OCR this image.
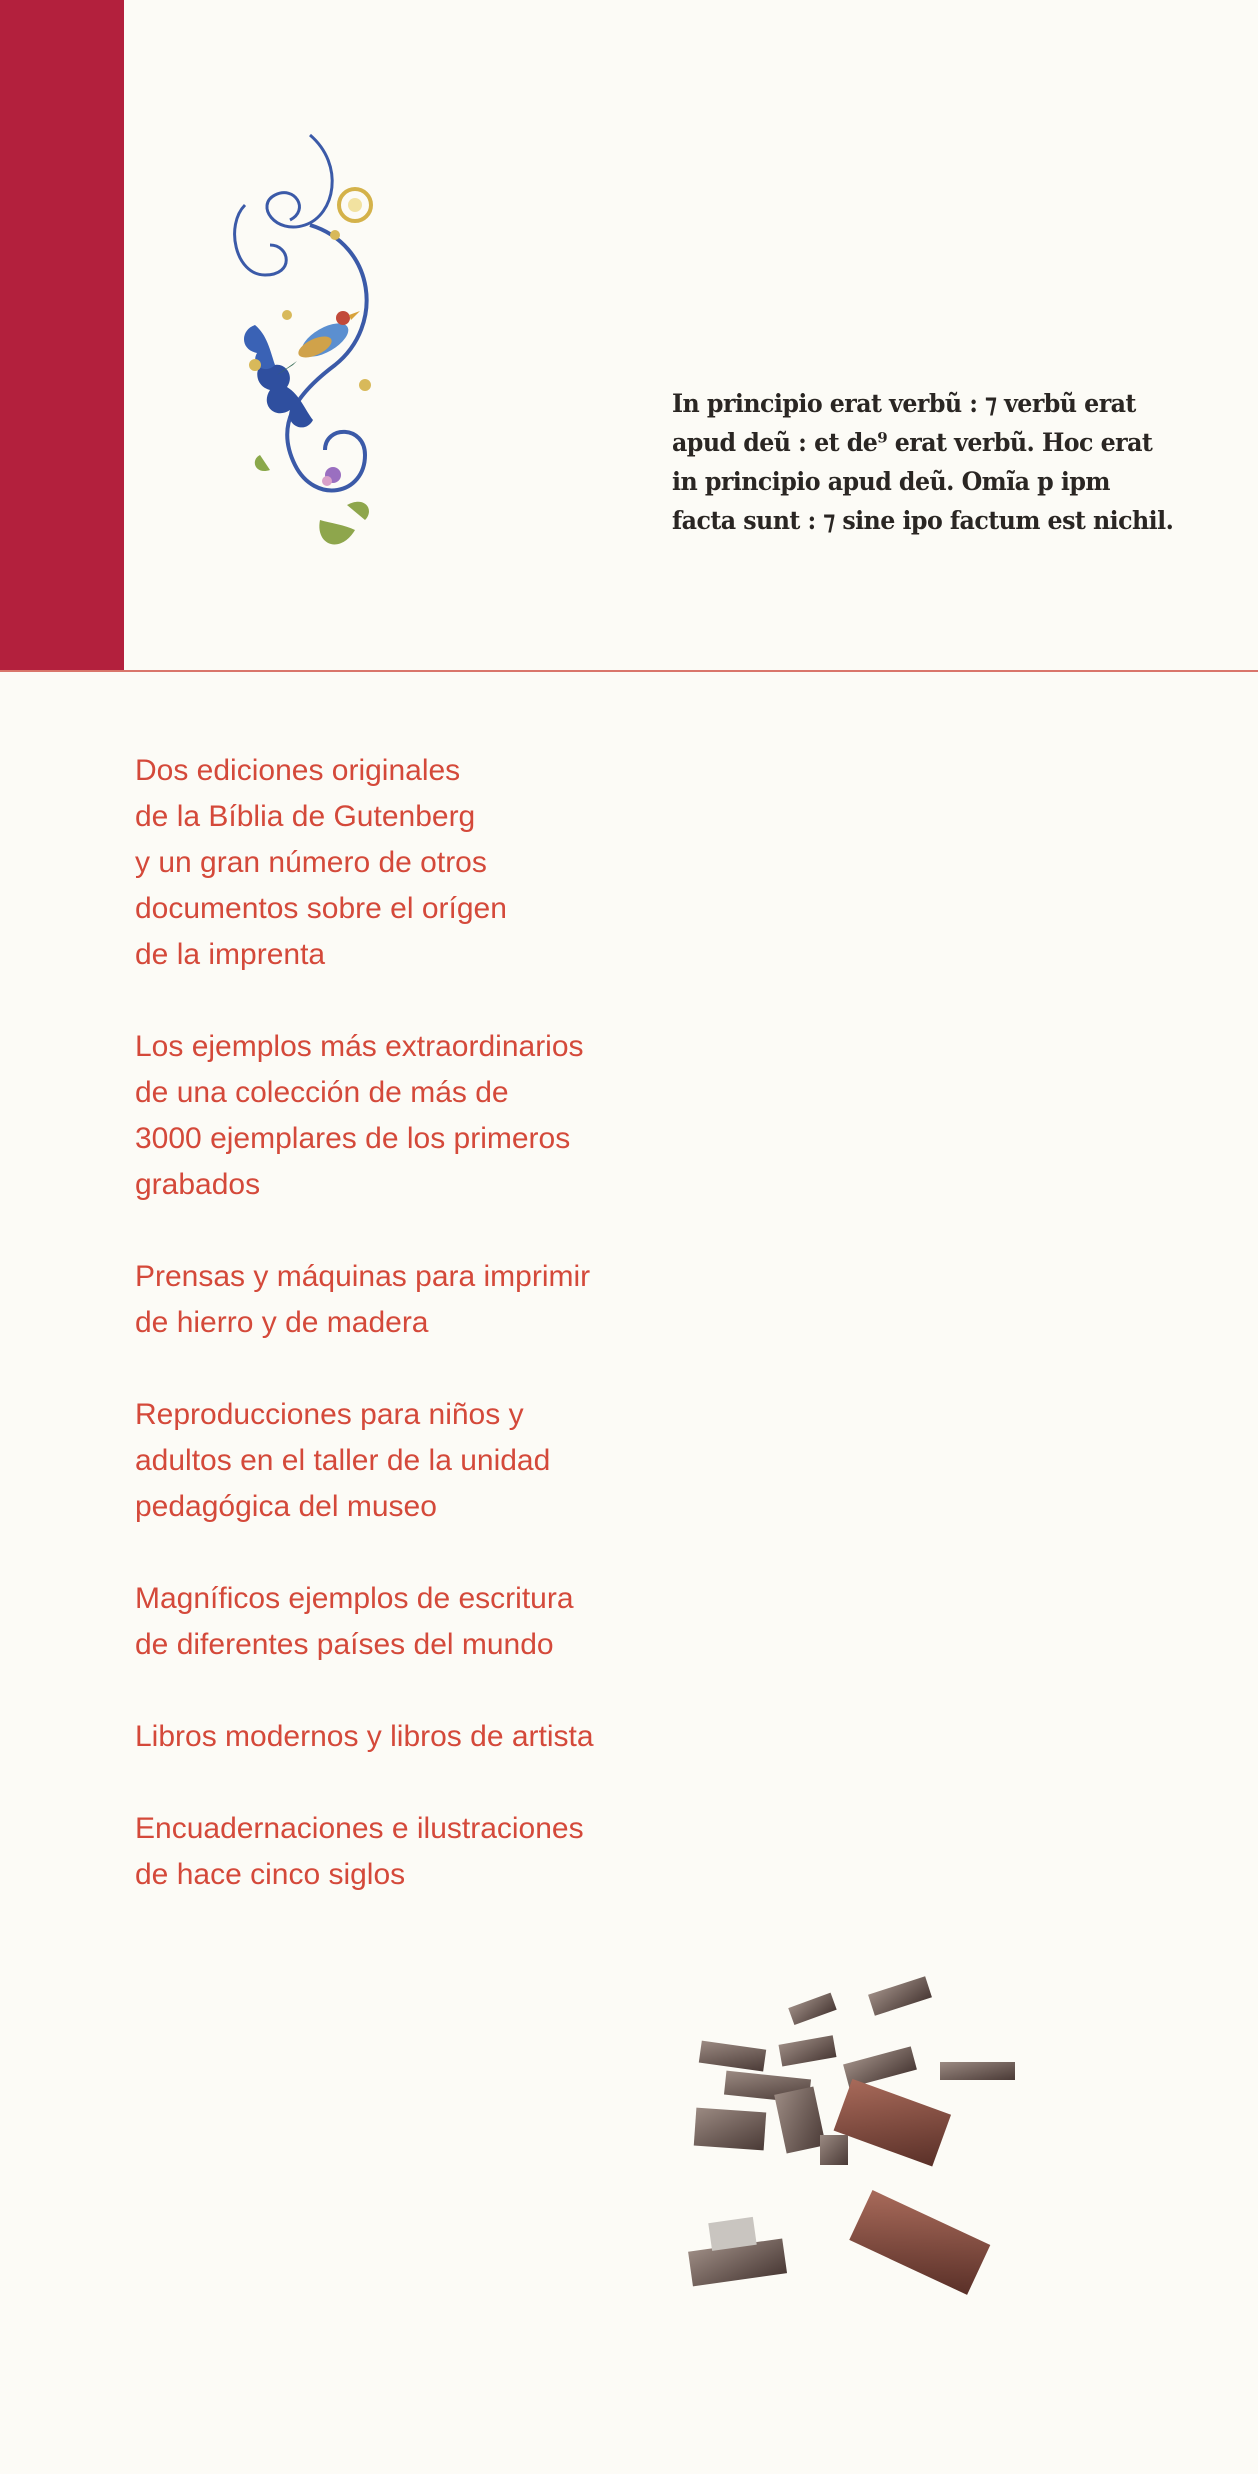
In principio erat verbũ : ⁊ verbũ erat
apud deũ : et de⁹ erat verbũ. Hoc erat
in principio apud deũ. Omĩa p ipm
facta sunt : ⁊ sine ipo factum est nichil.
Dos ediciones originales
de la Bíblia de Gutenberg
y un gran número de otros
documentos sobre el orígen
de la imprenta
Los ejemplos más extraordinarios
de una colección de más de
3000 ejemplares de los primeros
grabados
Prensas y máquinas para imprimir
de hierro y de madera
Reproducciones para niños y
adultos en el taller de la unidad
pedagógica del museo
Magníficos ejemplos de escritura
de diferentes países del mundo
Libros modernos y libros de artista
Encuadernaciones e ilustraciones
de hace cinco siglos
